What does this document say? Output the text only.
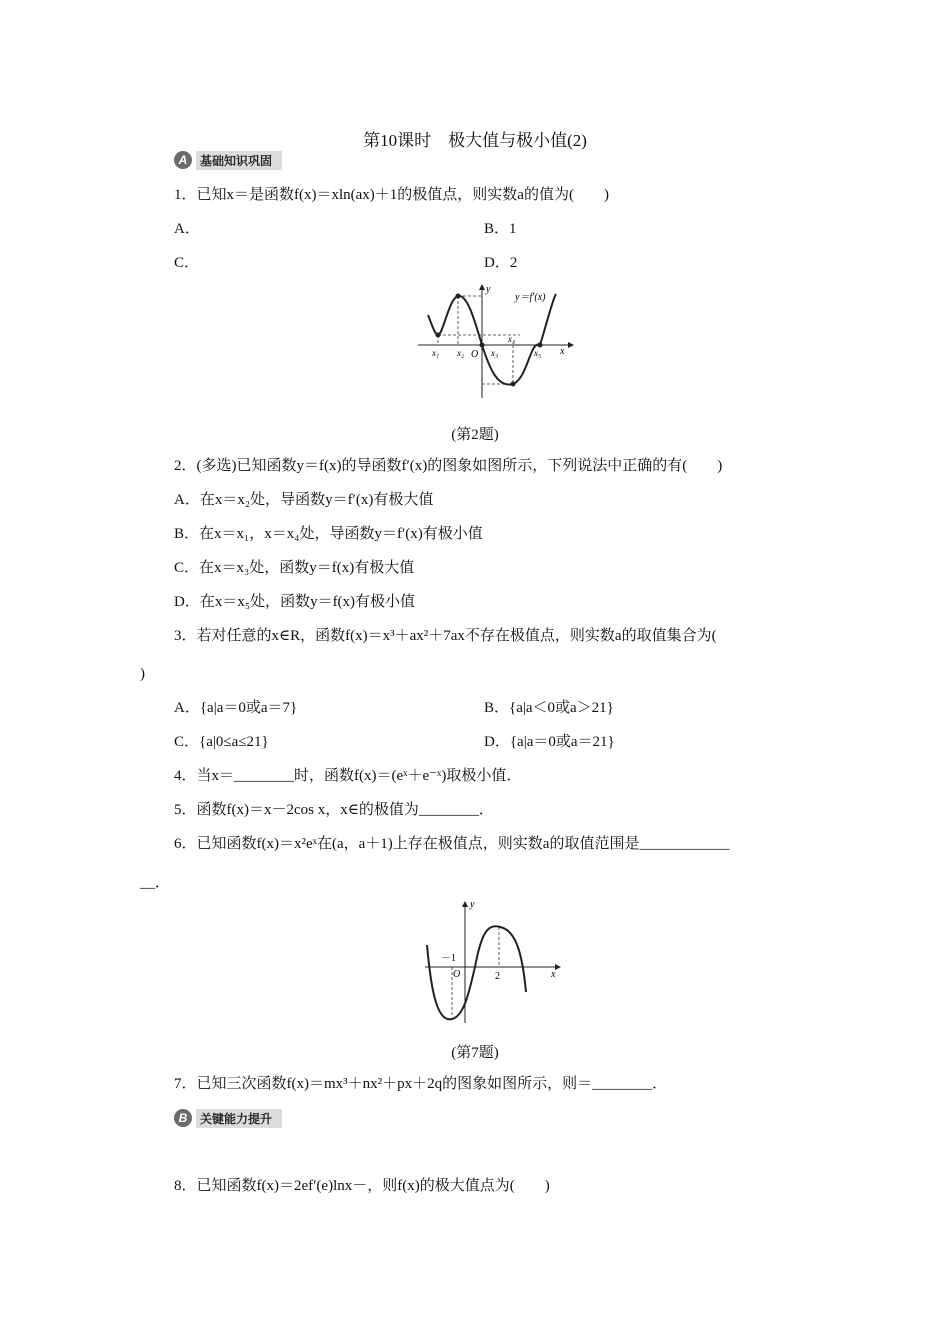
第10课时　极大值与极小值(2)
A	基础知识巩固
1．已知x＝是函数f(x)＝xln(ax)＋1的极值点，则实数a的值为(　　)
A．	B．1
C．	D．2
y
x
y＝f′(x)
O
x₁ x₂	x₃
x₄
x₅
(第2题)
2．(多选)已知函数y＝f(x)的导函数f′(x)的图象如图所示，下列说法中正确的有(　　)
A．在x＝x₂处，导函数y＝f′(x)有极大值
B．在x＝x₁，x＝x₄处，导函数y＝f′(x)有极小值
C．在x＝x₃处，函数y＝f(x)有极大值
D．在x＝x₅处，函数y＝f(x)有极小值
3．若对任意的x∈R，函数f(x)＝x³＋ax²＋7ax不存在极值点，则实数a的取值集合为(
)
A．{a|a＝0或a＝7}	B．{a|a＜0或a＞21}
C．{a|0≤a≤21}	D．{a|a＝0或a＝21}
4．当x＝________时，函数f(x)＝(eˣ＋e⁻ˣ)取极小值．
5．函数f(x)＝x－2cos x，x∈的极值为________．
6．已知函数f(x)＝x²eˣ在(a，a＋1)上存在极值点，则实数a的取值范围是____________
__．
y
x
O
－1
2
(第7题)
7．已知三次函数f(x)＝mx³＋nx²＋px＋2q的图象如图所示，则＝________．
B	关键能力提升
8．已知函数f(x)＝2ef′(e)lnx－，则f(x)的极大值点为(　　)
